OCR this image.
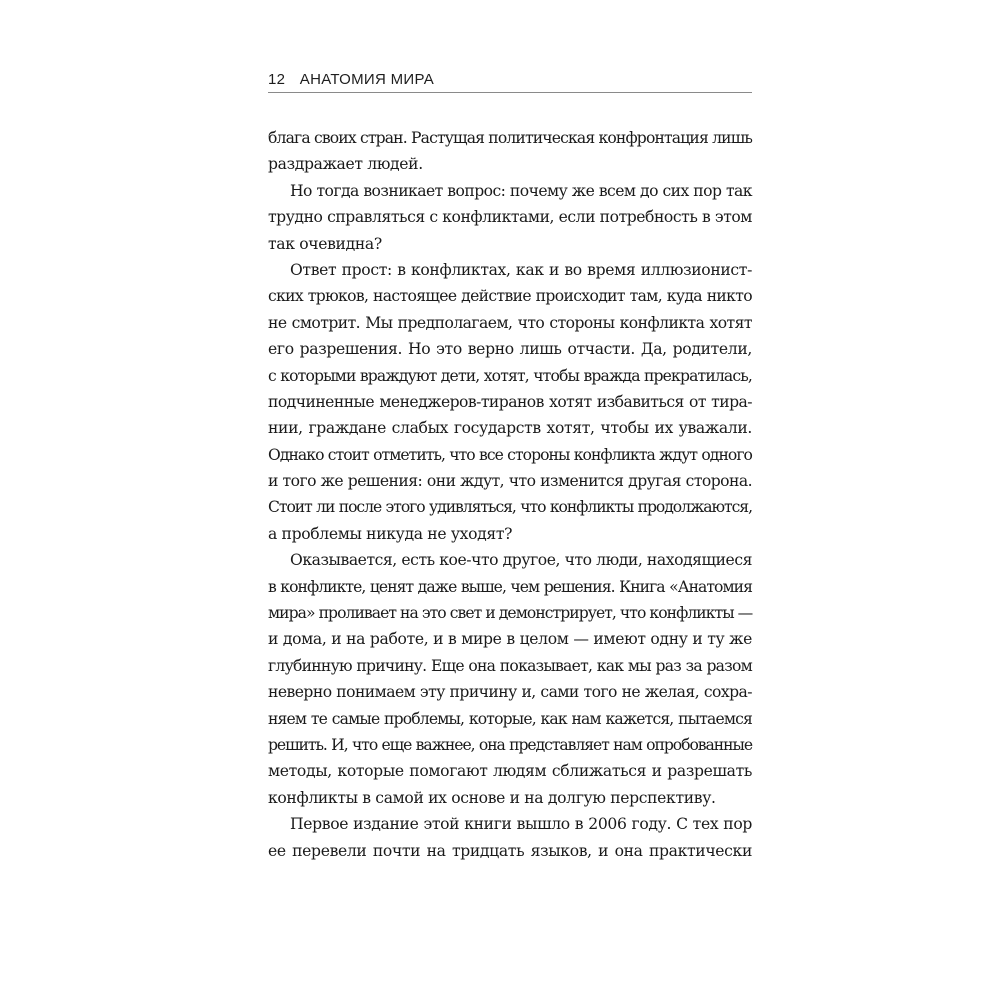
12 АНАТОМИЯ МИРА
блага своих стран. Растущая политическая конфронтация лишь
раздражает людей.
Но тогда возникает вопрос: почему же всем до сих пор так
трудно справляться с конфликтами, если потребность в этом
так очевидна?
Ответ прост: в конфликтах, как и во время иллюзионист-
ских трюков, настоящее действие происходит там, куда никто
не смотрит. Мы предполагаем, что стороны конфликта хотят
его разрешения. Но это верно лишь отчасти. Да, родители,
с которыми враждуют дети, хотят, чтобы вражда прекратилась,
подчиненные менеджеров-тиранов хотят избавиться от тира-
нии, граждане слабых государств хотят, чтобы их уважали.
Однако стоит отметить, что все стороны конфликта ждут одного
и того же решения: они ждут, что изменится другая сторона.
Стоит ли после этого удивляться, что конфликты продолжаются,
а проблемы никуда не уходят?
Оказывается, есть кое-что другое, что люди, находящиеся
в конфликте, ценят даже выше, чем решения. Книга «Анатомия
мира» проливает на это свет и демонстрирует, что конфликты —
и дома, и на работе, и в мире в целом — имеют одну и ту же
глубинную причину. Еще она показывает, как мы раз за разом
неверно понимаем эту причину и, сами того не желая, сохра-
няем те самые проблемы, которые, как нам кажется, пытаемся
решить. И, что еще важнее, она представляет нам опробованные
методы, которые помогают людям сближаться и разрешать
конфликты в самой их основе и на долгую перспективу.
Первое издание этой книги вышло в 2006 году. С тех пор
ее перевели почти на тридцать языков, и она практически
